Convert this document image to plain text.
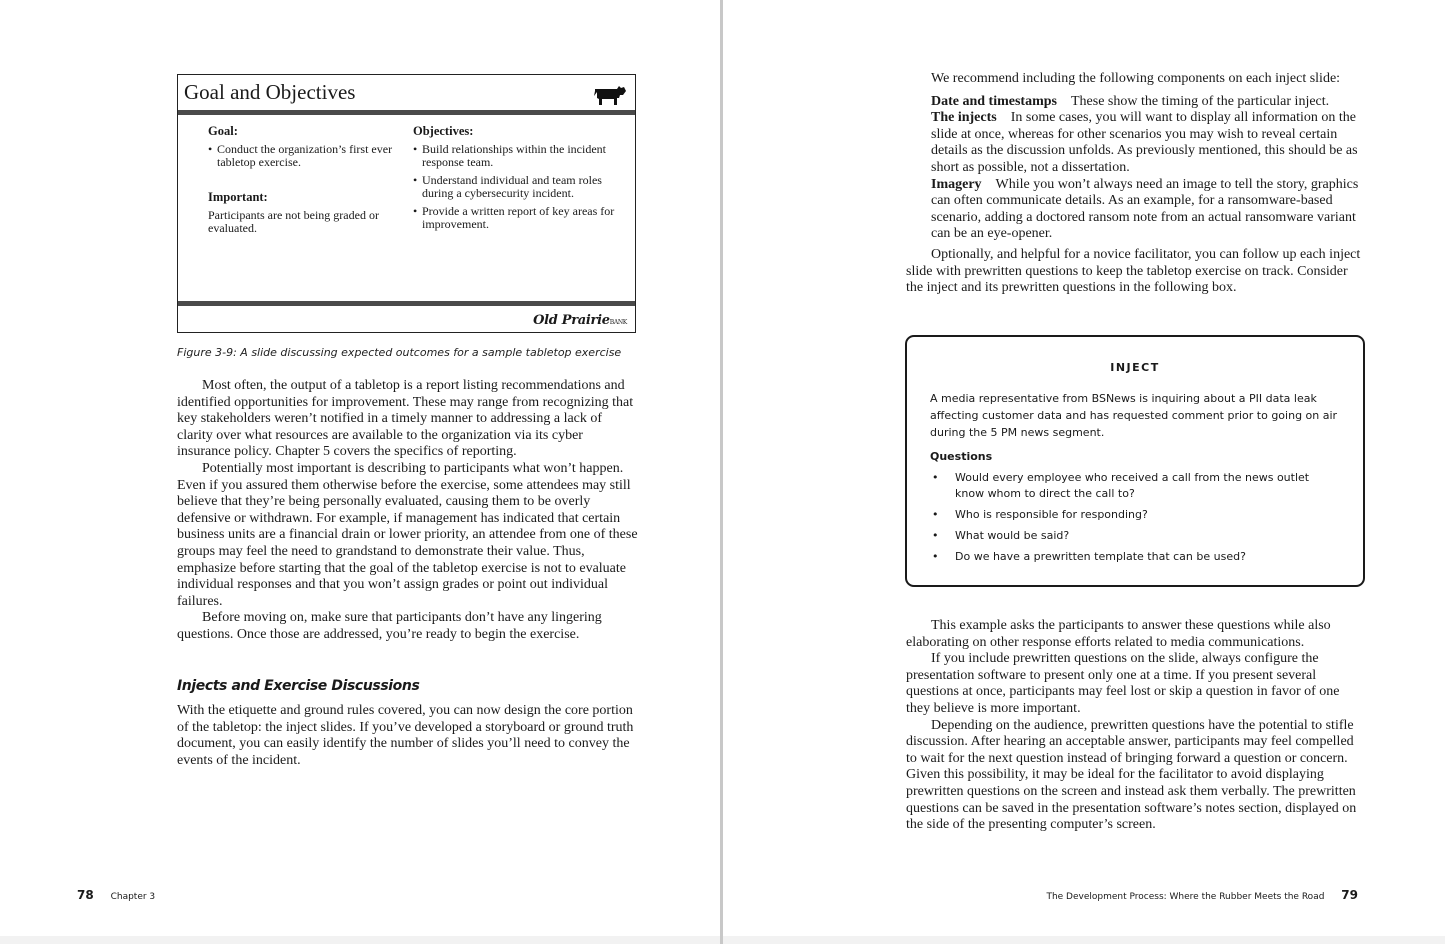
Goal and Objectives
Goal:
• Conduct the organization’s first ever tabletop exercise.
Important:
Participants are not being graded or evaluated.
Objectives:
• Build relationships within the incident response team.
• Understand individual and team roles during a cybersecurity incident.
• Provide a written report of key areas for improvement.
Old PrairieBANK
Figure 3-9: A slide discussing expected outcomes for a sample tabletop exercise

Most often, the output of a tabletop is a report listing recommendations and identified opportunities for improvement. These may range from recognizing that key stakeholders weren’t notified in a timely manner to addressing a lack of clarity over what resources are available to the organization via its cyber insurance policy. Chapter 5 covers the specifics of reporting.

Potentially most important is describing to participants what won’t happen. Even if you assured them otherwise before the exercise, some attendees may still believe that they’re being personally evaluated, causing them to be overly defensive or withdrawn. For example, if management has indicated that certain business units are a financial drain or lower priority, an attendee from one of these groups may feel the need to grandstand to demonstrate their value. Thus, emphasize before starting that the goal of the tabletop exercise is not to evaluate individual responses and that you won’t assign grades or point out individual failures.

Before moving on, make sure that participants don’t have any lingering questions. Once those are addressed, you’re ready to begin the exercise.

Injects and Exercise Discussions

With the etiquette and ground rules covered, you can now design the core portion of the tabletop: the inject slides. If you’ve developed a storyboard or ground truth document, you can easily identify the number of slides you’ll need to convey the events of the incident.

78 Chapter 3

We recommend including the following components on each inject slide:

Date and timestamps These show the timing of the particular inject.

The injects In some cases, you will want to display all information on the slide at once, whereas for other scenarios you may wish to reveal certain details as the discussion unfolds. As previously mentioned, this should be as short as possible, not a dissertation.

Imagery While you won’t always need an image to tell the story, graphics can often communicate details. As an example, for a ransomware-based scenario, adding a doctored ransom note from an actual ransomware variant can be an eye-opener.

Optionally, and helpful for a novice facilitator, you can follow up each inject slide with prewritten questions to keep the tabletop exercise on track. Consider the inject and its prewritten questions in the following box.

INJECT
A media representative from BSNews is inquiring about a PII data leak affecting customer data and has requested comment prior to going on air during the 5 PM news segment.
Questions
• Would every employee who received a call from the news outlet know whom to direct the call to?
• Who is responsible for responding?
• What would be said?
• Do we have a prewritten template that can be used?

This example asks the participants to answer these questions while also elaborating on other response efforts related to media communications.

If you include prewritten questions on the slide, always configure the presentation software to present only one at a time. If you present several questions at once, participants may feel lost or skip a question in favor of one they believe is more important.

Depending on the audience, prewritten questions have the potential to stifle discussion. After hearing an acceptable answer, participants may feel compelled to wait for the next question instead of bringing forward a question or concern. Given this possibility, it may be ideal for the facilitator to avoid displaying prewritten questions on the screen and instead ask them verbally. The prewritten questions can be saved in the presentation software’s notes section, displayed on the side of the presenting computer’s screen.

The Development Process: Where the Rubber Meets the Road 79
